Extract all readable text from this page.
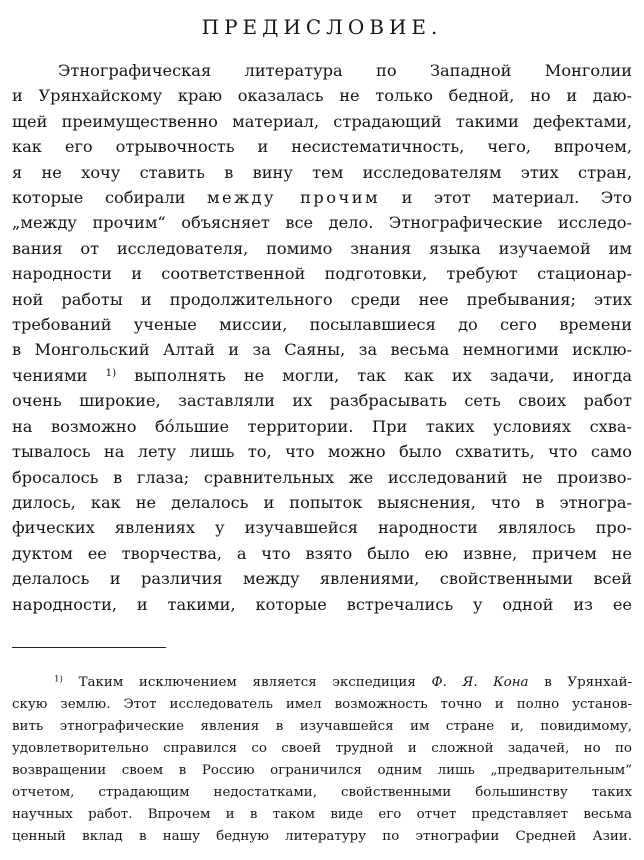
ПРЕДИСЛОВИЕ.
Этнографическая литература по Западной Монголии
и Урянхайскому краю оказалась не только бедной, но и даю-
щей преимущественно материал, страдающий такими дефектами,
как его отрывочность и несистематичность, чего, впрочем,
я не хочу ставить в вину тем исследователям этих стран,
которые собирали между прочим и этот материал. Это
„между прочим“ объясняет все дело. Этнографические исследо-
вания от исследователя, помимо знания языка изучаемой им
народности и соответственной подготовки, требуют стационар-
ной работы и продолжительного среди нее пребывания; этих
требований ученые миссии, посылавшиеся до сего времени
в Монгольский Алтай и за Саяны, за весьма немногими исклю-
чениями $^{1)}$ выполнять не могли, так как их задачи, иногда
очень широкие, заставляли их разбрасывать сеть своих работ
на возможно бо́льшие территории. При таких условиях схва-
тывалось на лету лишь то, что можно было схватить, что само
бросалось в глаза; сравнительных же исследований не произво-
дилось, как не делалось и попыток выяснения, что в этногра-
фических явлениях у изучавшейся народности являлось про-
дуктом ее творчества, а что взято было ею извне, причем не
делалось и различия между явлениями, свойственными всей
народности, и такими, которые встречались у одной из ее
$^{1)}$ Таким исключением является экспедиция Ф. Я. Кона в Урянхай-
скую землю. Этот исследователь имел возможность точно и полно установ-
вить этнографические явления в изучавшейся им стране и, повидимому,
удовлетворительно справился со своей трудной и сложной задачей, но по
возвращении своем в Россию ограничился одним лишь „предварительным“
отчетом, страдающим недостатками, свойственными большинству таких
научных работ. Впрочем и в таком виде его отчет представляет весьма
ценный вклад в нашу бедную литературу по этнографии Средней Азии.
